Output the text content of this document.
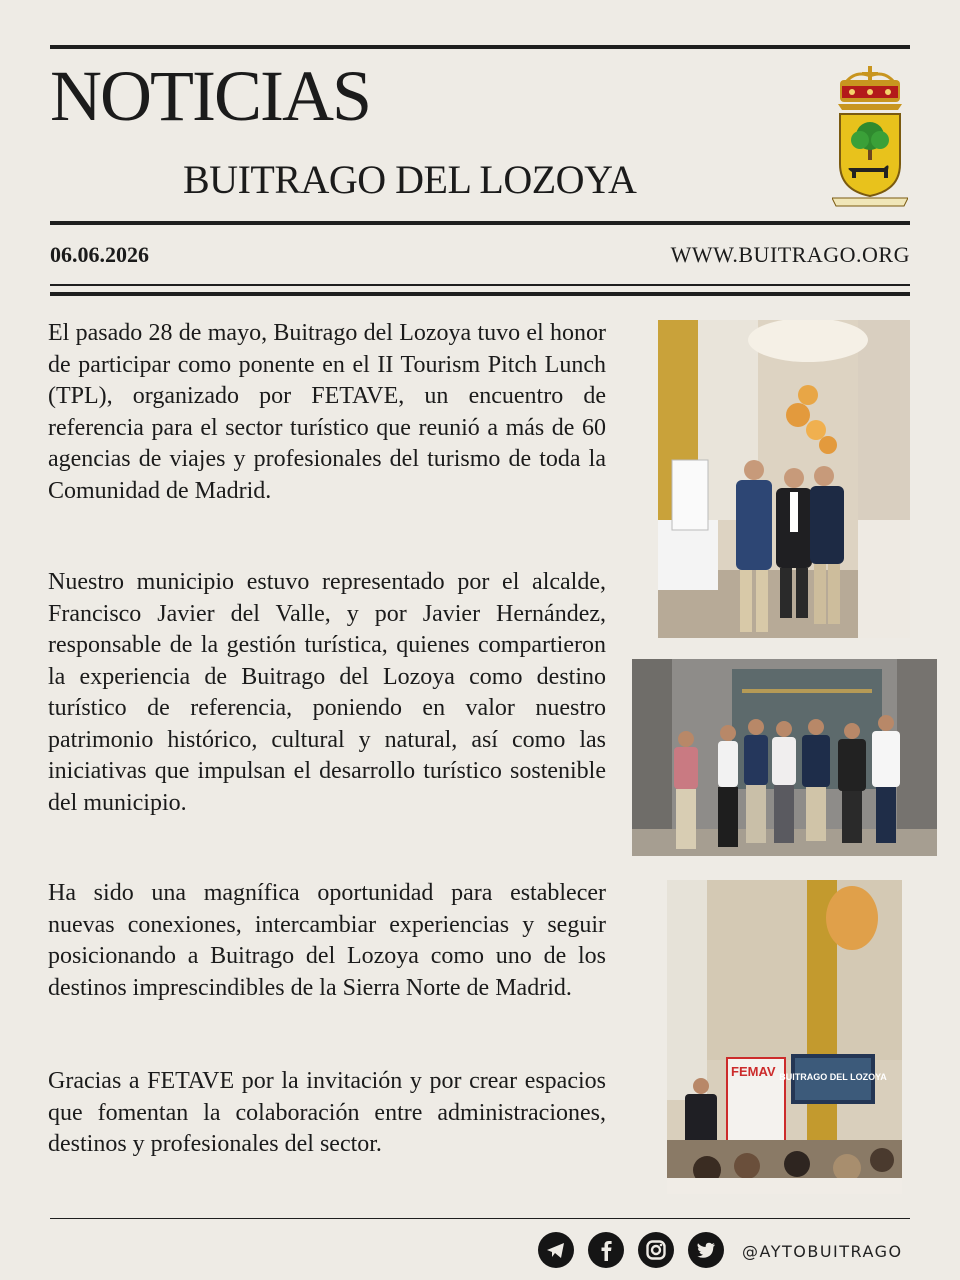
NOTICIAS
BUITRAGO DEL LOZOYA
06.06.2026	WWW.BUITRAGO.ORG

El pasado 28 de mayo, Buitrago del Lozoya tuvo el honor de participar como ponente en el II Tourism Pitch Lunch (TPL), organizado por FETAVE, un encuentro de referencia para el sector turístico que reunió a más de 60 agencias de viajes y profesionales del turismo de toda la Comunidad de Madrid.

Nuestro municipio estuvo representado por el alcalde, Francisco Javier del Valle, y por Javier Hernández, responsable de la gestión turística, quienes compartieron la experiencia de Buitrago del Lozoya como destino turístico de referencia, poniendo en valor nuestro patrimonio histórico, cultural y natural, así como las iniciativas que impulsan el desarrollo turístico sostenible del municipio.

Ha sido una magnífica oportunidad para establecer nuevas conexiones, intercambiar experiencias y seguir posicionando a Buitrago del Lozoya como uno de los destinos imprescindibles de la Sierra Norte de Madrid.

Gracias a FETAVE por la invitación y por crear espacios que fomentan la colaboración entre administraciones, destinos y profesionales del sector.

FEMAV BUITRAGO DEL LOZOYA
@AYTOBUITRAGO
